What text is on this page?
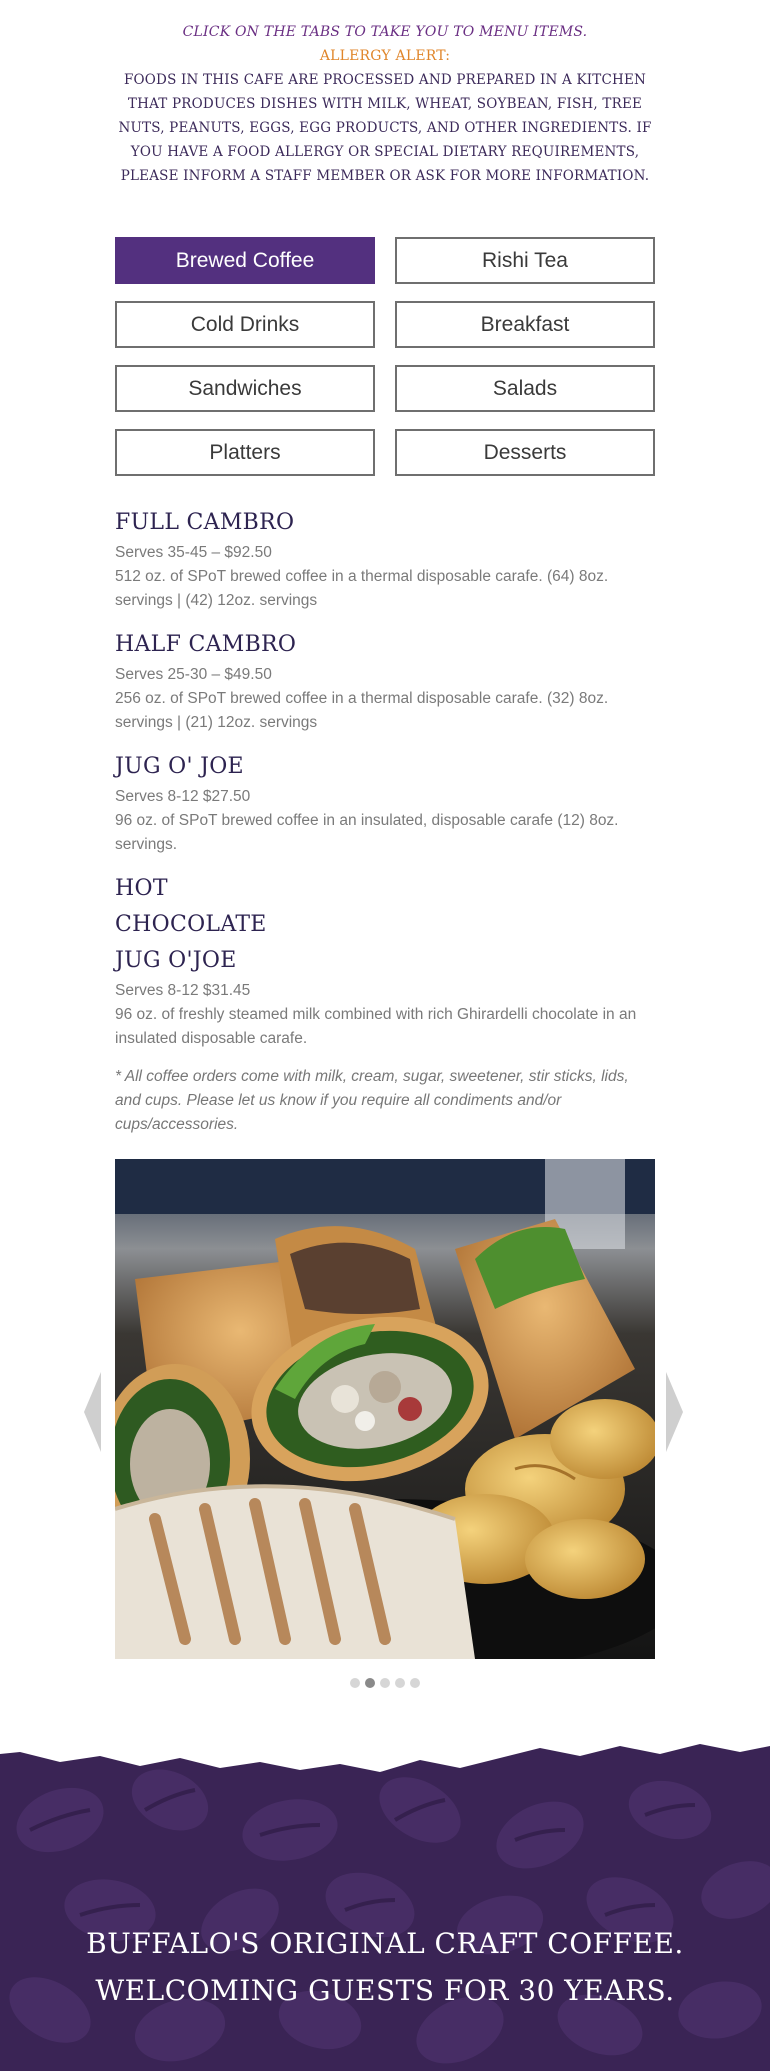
CLICK ON THE TABS TO TAKE YOU TO MENU ITEMS.
ALLERGY ALERT:
FOODS IN THIS CAFE ARE PROCESSED AND PREPARED IN A KITCHEN THAT PRODUCES DISHES WITH MILK, WHEAT, SOYBEAN, FISH, TREE NUTS, PEANUTS, EGGS, EGG PRODUCTS, AND OTHER INGREDIENTS. IF YOU HAVE A FOOD ALLERGY OR SPECIAL DIETARY REQUIREMENTS, PLEASE INFORM A STAFF MEMBER OR ASK FOR MORE INFORMATION.
Brewed Coffee	Rishi Tea
Cold Drinks	Breakfast
Sandwiches	Salads
Platters	Desserts
FULL CAMBRO
Serves 35-45 – $92.50
512 oz. of SPoT brewed coffee in a thermal disposable carafe. (64) 8oz. servings | (42) 12oz. servings
HALF CAMBRO
Serves 25-30 – $49.50
256 oz. of SPoT brewed coffee in a thermal disposable carafe. (32) 8oz. servings | (21) 12oz. servings
JUG O' JOE
Serves 8-12 $27.50
96 oz. of SPoT brewed coffee in an insulated, disposable carafe (12) 8oz. servings.
HOT
CHOCOLATE
JUG O'JOE
Serves 8-12 $31.45
96 oz. of freshly steamed milk combined with rich Ghirardelli chocolate in an insulated disposable carafe.
* All coffee orders come with milk, cream, sugar, sweetener, stir sticks, lids, and cups. Please let us know if you require all condiments and/or cups/accessories.
BUFFALO'S ORIGINAL CRAFT COFFEE.
WELCOMING GUESTS FOR 30 YEARS.
